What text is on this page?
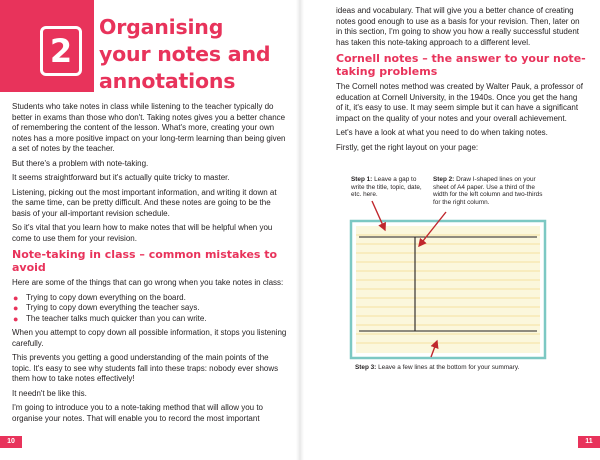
2
Organising
your notes and
annotations

Students who take notes in class while listening to the teacher typically do better in exams than those who don't. Taking notes gives you a better chance of remembering the content of the lesson. What's more, creating your own notes has a more positive impact on your long-term learning than being given a set of notes by the teacher.

But there's a problem with note-taking.

It seems straightforward but it's actually quite tricky to master.

Listening, picking out the most important information, and writing it down at the same time, can be pretty difficult. And these notes are going to be the basis of your all-important revision schedule.

So it's vital that you learn how to make notes that will be helpful when you come to use them for your revision.

Note-taking in class – common mistakes to avoid

Here are some of the things that can go wrong when you take notes in class:

● Trying to copy down everything on the board.
● Trying to copy down everything the teacher says.
● The teacher talks much quicker than you can write.

When you attempt to copy down all possible information, it stops you listening carefully.

This prevents you getting a good understanding of the main points of the topic. It's easy to see why students fall into these traps: nobody ever shows them how to take notes effectively!

It needn't be like this.

I'm going to introduce you to a note-taking method that will allow you to organise your notes. That will enable you to record the most important

10

ideas and vocabulary. That will give you a better chance of creating notes good enough to use as a basis for your revision. Then, later on in this section, I'm going to show you how a really successful student has taken this note-taking approach to a different level.

Cornell notes – the answer to your note-taking problems

The Cornell notes method was created by Walter Pauk, a professor of education at Cornell University, in the 1940s. Once you get the hang of it, it's easy to use. It may seem simple but it can have a significant impact on the quality of your notes and your overall achievement.

Let's have a look at what you need to do when taking notes.

Firstly, get the right layout on your page:

11
Step 1: Leave a gap to write the title, topic, date, etc. here.
Step 2: Draw I-shaped lines on your sheet of A4 paper. Use a third of the width for the left column and two-thirds for the right column.
Step 3: Leave a few lines at the bottom for your summary.
